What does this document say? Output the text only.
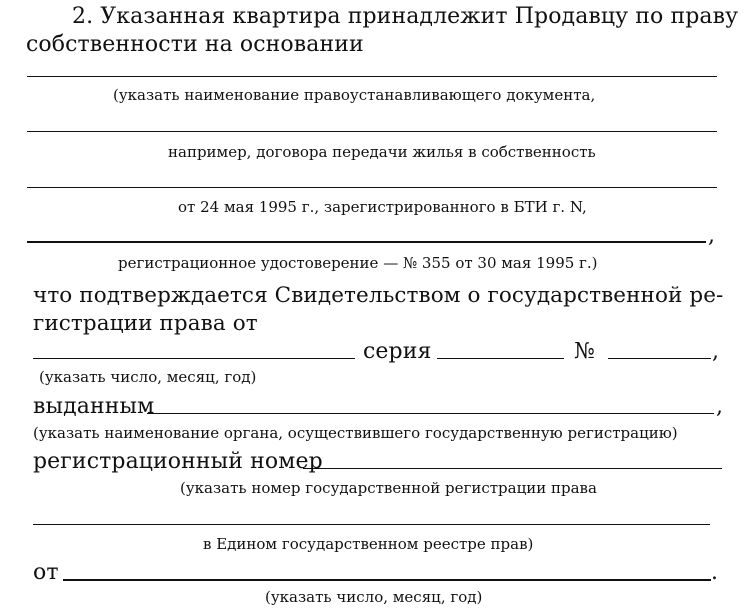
2. Указанная квартира принадлежит Продавцу по праву
собственности на основании
(указать наименование правоустанавливающего документа,
например, договора передачи жилья в собственность
от 24 мая 1995 г., зарегистрированного в БТИ г. N,
,
регистрационное удостоверение — № 355 от 30 мая 1995 г.)
что подтверждается Свидетельством о государственной ре-
гистрации права от
серия	№	,
(указать число, месяц, год)
выданным	,
(указать наименование органа, осуществившего государственную регистрацию)
регистрационный номер
(указать номер государственной регистрации права
в Едином государственном реестре прав)
от	.
(указать число, месяц, год)
